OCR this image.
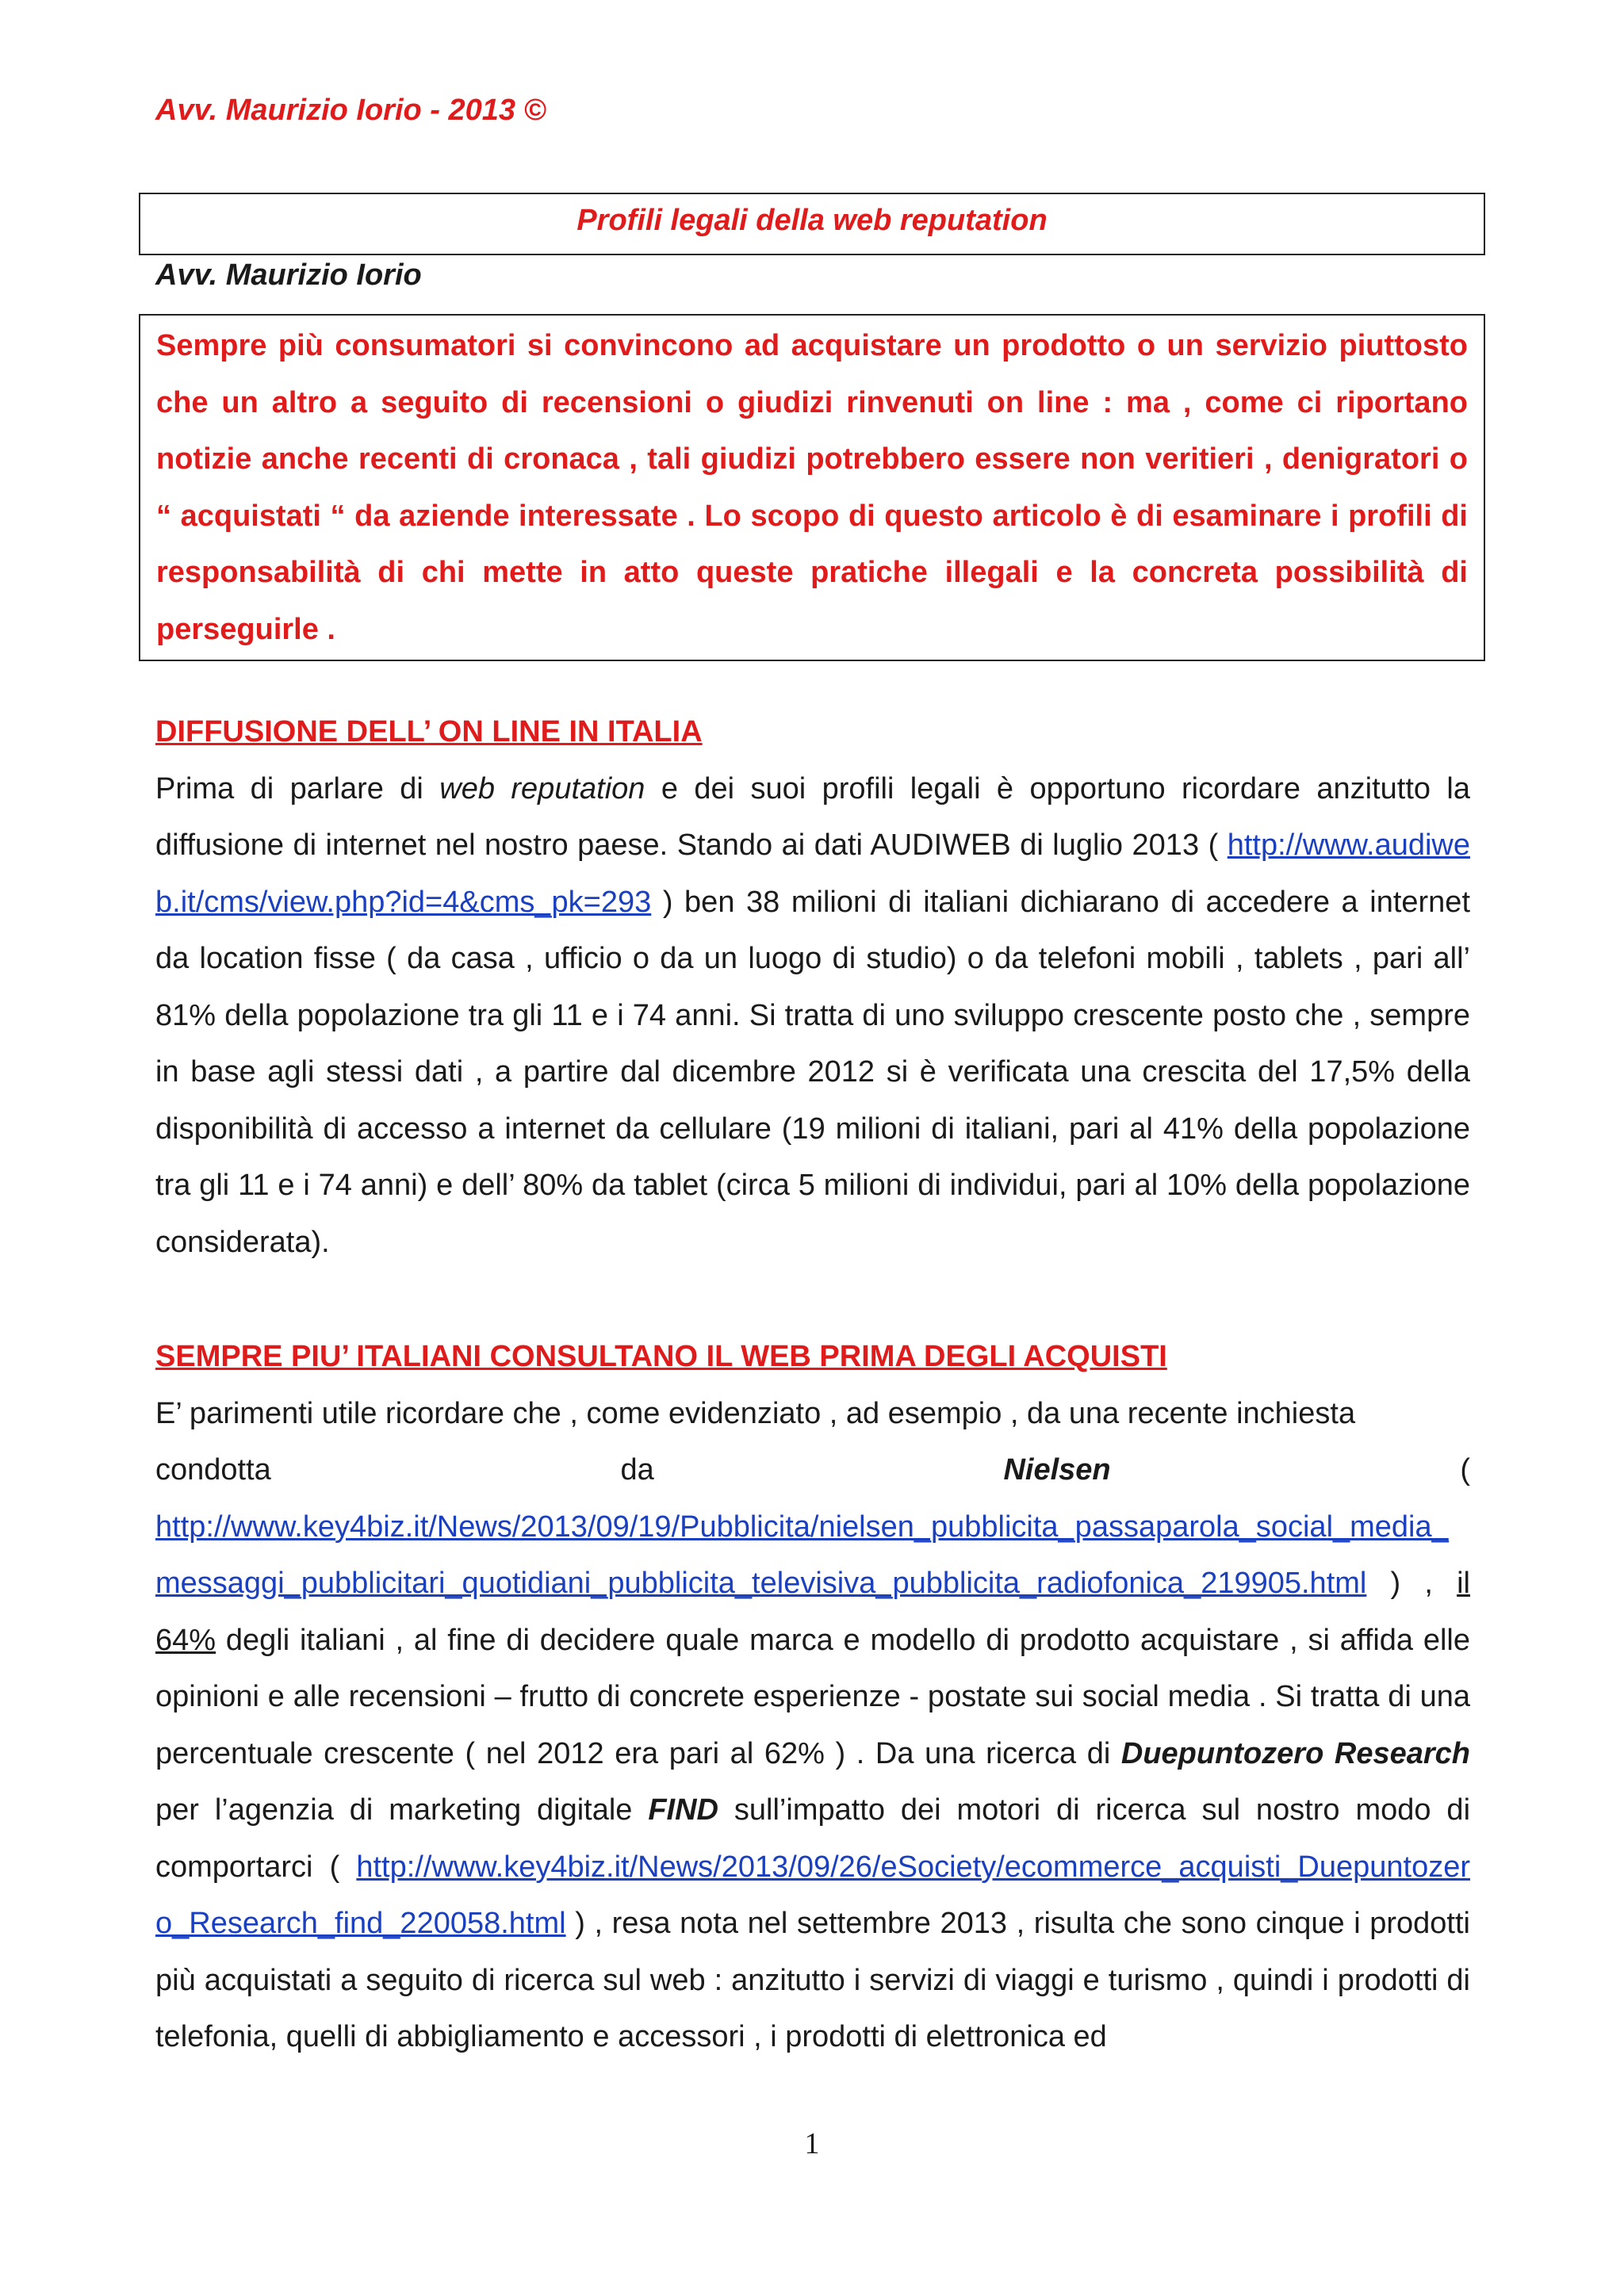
Avv. Maurizio Iorio - 2013 ©
Profili legali della web reputation
Avv. Maurizio Iorio

Sempre più consumatori si convincono ad acquistare un prodotto o un servizio piuttosto che un altro a seguito di recensioni o giudizi rinvenuti on line : ma , come ci riportano notizie anche recenti di cronaca , tali giudizi potrebbero essere non veritieri , denigratori o “ acquistati “ da aziende interessate . Lo scopo di questo articolo è di esaminare i profili di responsabilità di chi mette in atto queste pratiche illegali e la concreta possibilità di perseguirle .

DIFFUSIONE DELL’ ON LINE IN ITALIA

Prima di parlare di web reputation e dei suoi profili legali è opportuno ricordare anzitutto la diffusione di internet nel nostro paese. Stando ai dati AUDIWEB di luglio 2013 ( http://www.audiweb.it/cms/view.php?id=4&cms_pk=293 ) ben 38 milioni di italiani dichiarano di accedere a internet da location fisse ( da casa , ufficio o da un luogo di studio) o da telefoni mobili , tablets , pari all’ 81% della popolazione tra gli 11 e i 74 anni. Si tratta di uno sviluppo crescente posto che , sempre in base agli stessi dati , a partire dal dicembre 2012 si è verificata una crescita del 17,5% della disponibilità di accesso a internet da cellulare (19 milioni di italiani, pari al 41% della popolazione tra gli 11 e i 74 anni) e dell’ 80% da tablet (circa 5 milioni di individui, pari al 10% della popolazione considerata).

SEMPRE PIU’ ITALIANI CONSULTANO IL WEB PRIMA DEGLI ACQUISTI

E’ parimenti utile ricordare che , come evidenziato , ad esempio , da una recente inchiesta

condotta	da	Nielsen	(

http://www.key4biz.it/News/2013/09/19/Pubblicita/nielsen_pubblicita_passaparola_social_media_messaggi_pubblicitari_quotidiani_pubblicita_televisiva_pubblicita_radiofonica_219905.html ) , il 64% degli italiani , al fine di decidere quale marca e modello di prodotto acquistare , si affida elle opinioni e alle recensioni – frutto di concrete esperienze - postate sui social media . Si tratta di una percentuale crescente ( nel 2012 era pari al 62% ) . Da una ricerca di Duepuntozero Research per l’agenzia di marketing digitale FIND sull’impatto dei motori di ricerca sul nostro modo di comportarci ( http://www.key4biz.it/News/2013/09/26/eSociety/ecommerce_acquisti_Duepuntozero_Research_find_220058.html ) , resa nota nel settembre 2013 , risulta che sono cinque i prodotti più acquistati a seguito di ricerca sul web : anzitutto i servizi di viaggi e turismo , quindi i prodotti di telefonia, quelli di abbigliamento e accessori , i prodotti di elettronica ed

1
